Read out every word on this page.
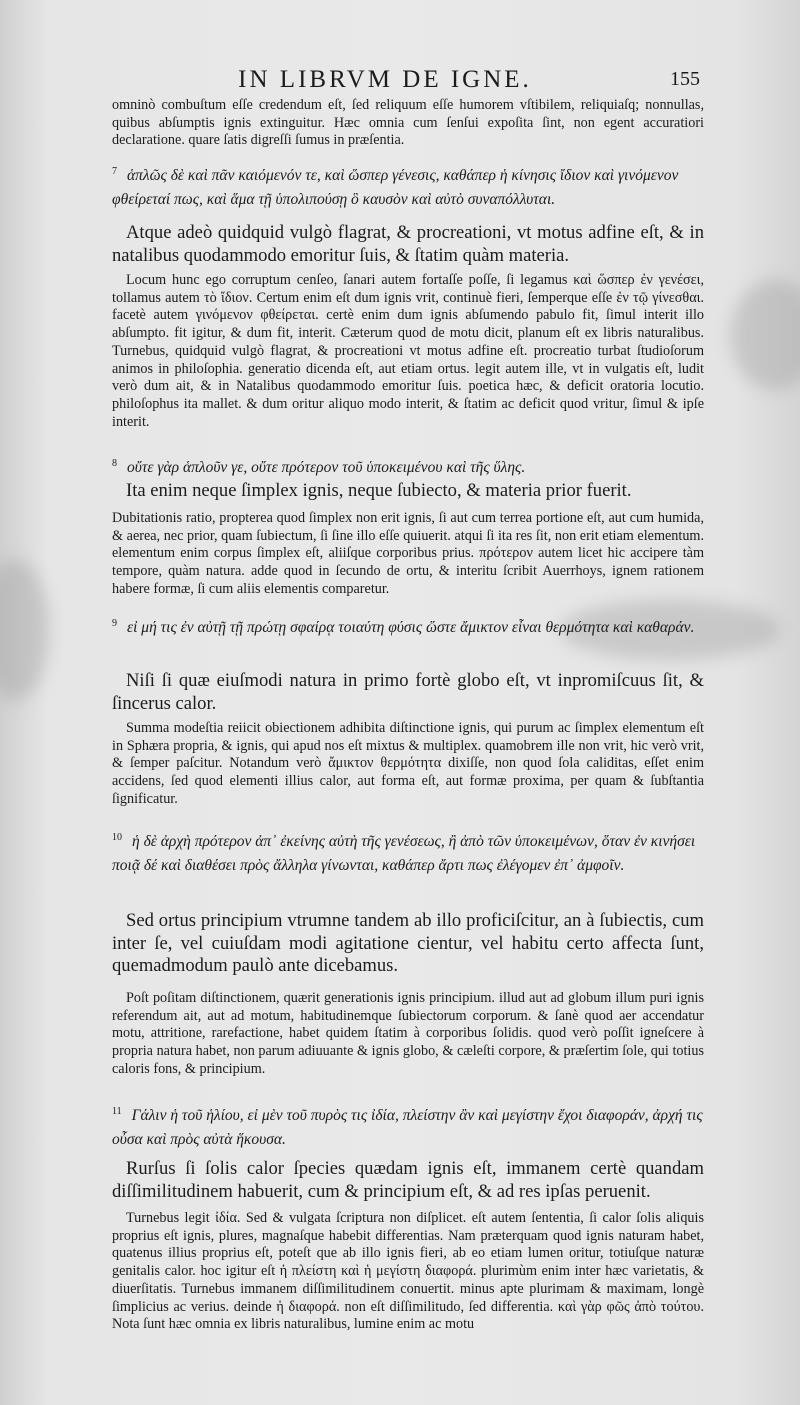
IN LIBRVM DE IGNE.	155

omninò combuſtum eſſe credendum eſt, ſed reliquum eſſe humorem vſtibilem, reliquiaſq; nonnullas, quibus abſumptis ignis extinguitur. Hæc omnia cum ſenſui expoſita ſint, non egent accuratiori declaratione. quare ſatis digreſſi ſumus in præſentia.

$^7$ ἁπλῶς δὲ καὶ πᾶν καιόμενόν τε, καὶ ὥσπερ γένεσις, καθάπερ ἡ κίνησις ἴδιον καὶ γινόμενον φθείρεταί πως, καὶ ἅμα τῇ ὑπολιπούσῃ ὃ καυσὸν καὶ αὐτὸ συναπόλλυται.

Atque adeò quidquid vulgò flagrat, & procreationi, vt motus adfine eſt, & in natalibus quodammodo emoritur ſuis, & ſtatim quàm materia.

Locum hunc ego corruptum cenſeo, ſanari autem fortaſſe poſſe, ſi legamus καὶ ὥσπερ ἐν γενέσει, tollamus autem τὸ ἴδιον. Certum enim eſt dum ignis vrit, continuè fieri, ſemperque eſſe ἐν τῷ γίνεσθαι. facetè autem γινόμενον φθείρεται. certè enim dum ignis abſumendo pabulo fit, ſimul interit illo abſumpto. fit igitur, & dum fit, interit. Cæterum quod de motu dicit, planum eſt ex libris naturalibus. Turnebus, quidquid vulgò flagrat, & procreationi vt motus adfine eſt. procreatio turbat ſtudioſorum animos in philoſophia. generatio dicenda eſt, aut etiam ortus. legit autem ille, vt in vulgatis eſt, ludit verò dum ait, & in Natalibus quodammodo emoritur ſuis. poetica hæc, & deficit oratoria locutio. philoſophus ita mallet. & dum oritur aliquo modo interit, & ſtatim ac deficit quod vritur, ſimul & ipſe interit.

$^8$ οὔτε γὰρ ἁπλοῦν γε, οὔτε πρότερον τοῦ ὑποκειμένου καὶ τῆς ὕλης.

Ita enim neque ſimplex ignis, neque ſubiecto, & materia prior fuerit.

Dubitationis ratio, propterea quod ſimplex non erit ignis, ſi aut cum terrea portione eſt, aut cum humida, & aerea, nec prior, quam ſubiectum, ſi ſine illo eſſe quiuerit. atqui ſi ita res ſit, non erit etiam elementum. elementum enim corpus ſimplex eſt, aliiſque corporibus prius. πρότερον autem licet hic accipere tàm tempore, quàm natura. adde quod in ſecundo de ortu, & interitu ſcribit Auerrhoys, ignem rationem habere formæ, ſi cum aliis elementis comparetur.

$^9$ εἰ μή τις ἐν αὐτῇ τῇ πρώτῃ σφαίρᾳ τοιαύτη φύσις ὥστε ἄμικτον εἶναι θερμότητα καὶ καθαράν.

Niſi ſi quæ eiuſmodi natura in primo fortè globo eſt, vt inpromiſcuus ſit, & ſincerus calor.

Summa modeſtia reiicit obiectionem adhibita diſtinctione ignis, qui purum ac ſimplex elementum eſt in Sphæra propria, & ignis, qui apud nos eſt mixtus & multiplex. quamobrem ille non vrit, hic verò vrit, & ſemper paſcitur. Notandum verò ἄμικτον θερμότητα dixiſſe, non quod ſola caliditas, eſſet enim accidens, ſed quod elementi illius calor, aut forma eſt, aut formæ proxima, per quam & ſubſtantia ſignificatur.

$^{10}$ ἡ δὲ ἀρχὴ πρότερον ἀπ᾽ ἐκείνης αὐτὴ τῆς γενέσεως, ἢ ἀπὸ τῶν ὑποκειμένων, ὅταν ἐν κινήσει ποιᾷ δέ καὶ διαθέσει πρὸς ἄλληλα γίνωνται, καθάπερ ἄρτι πως ἐλέγομεν ἐπ᾽ ἀμφοῖν.

Sed ortus principium vtrumne tandem ab illo proficiſcitur, an à ſubiectis, cum inter ſe, vel cuiuſdam modi agitatione cientur, vel habitu certo affecta ſunt, quemadmodum paulò ante dicebamus.

Poſt poſitam diſtinctionem, quærit generationis ignis principium. illud aut ad globum illum puri ignis referendum ait, aut ad motum, habitudinemque ſubiectorum corporum. & ſanè quod aer accendatur motu, attritione, rarefactione, habet quidem ſtatim à corporibus ſolidis. quod verò poſſit igneſcere à propria natura habet, non parum adiuuante & ignis globo, & cæleſti corpore, & præſertim ſole, qui totius caloris fons, & principium.

$^{11}$ Γάλιν ἡ τοῦ ἡλίου, εἰ μὲν τοῦ πυρὸς τις ἰδία, πλείστην ἂν καὶ μεγίστην ἔχοι διαφοράν, ἀρχή τις οὖσα καὶ πρὸς αὐτὰ ἥκουσα.

Rurſus ſi ſolis calor ſpecies quædam ignis eſt, immanem certè quandam diſſimilitudinem habuerit, cum & principium eſt, & ad res ipſas peruenit.

Turnebus legit ἰδία. Sed & vulgata ſcriptura non diſplicet. eſt autem ſententia, ſi calor ſolis aliquis proprius eſt ignis, plures, magnaſque habebit differentias. Nam præterquam quod ignis naturam habet, quatenus illius proprius eſt, poteſt que ab illo ignis fieri, ab eo etiam lumen oritur, totiuſque naturæ genitalis calor. hoc igitur eſt ἡ πλείστη καὶ ἡ μεγίστη διαφορά. plurimùm enim inter hæc varietatis, & diuerſitatis. Turnebus immanem diſſimilitudinem conuertit. minus apte plurimam & maximam, longè ſimplicius ac verius. deinde ἡ διαφορά. non eſt diſſimilitudo, ſed differentia. καὶ γὰρ φῶς ἀπὸ τούτου. Nota ſunt hæc omnia ex libris naturalibus, lumine enim ac motu
